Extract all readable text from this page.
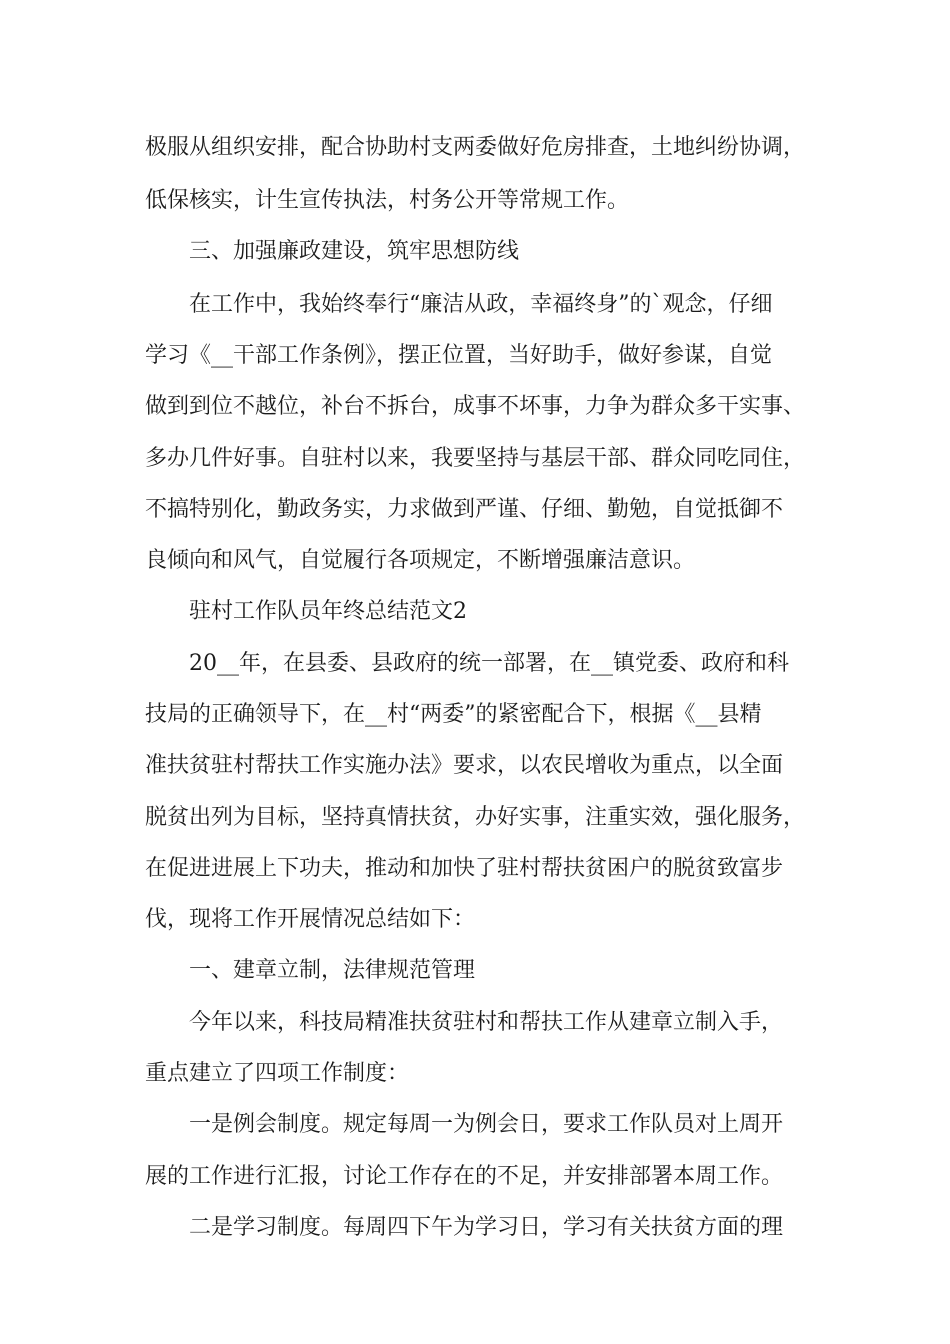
极服从组织安排，配合协助村支两委做好危房排查，土地纠纷协调，
低保核实，计生宣传执法，村务公开等常规工作。
　　三、加强廉政建设，筑牢思想防线
　　在工作中，我始终奉行“廉洁从政，幸福终身”的`观念，仔细
学习《__干部工作条例》，摆正位置，当好助手，做好参谋，自觉
做到到位不越位，补台不拆台，成事不坏事，力争为群众多干实事、
多办几件好事。自驻村以来，我要坚持与基层干部、群众同吃同住，
不搞特别化，勤政务实，力求做到严谨、仔细、勤勉，自觉抵御不
良倾向和风气，自觉履行各项规定，不断增强廉洁意识。
　　驻村工作队员年终总结范文2
　　20__年，在县委、县政府的统一部署，在__镇党委、政府和科
技局的正确领导下，在__村“两委”的紧密配合下，根据《__县精
准扶贫驻村帮扶工作实施办法》要求，以农民增收为重点，以全面
脱贫出列为目标，坚持真情扶贫，办好实事，注重实效，强化服务，
在促进进展上下功夫，推动和加快了驻村帮扶贫困户的脱贫致富步
伐，现将工作开展情况总结如下：
　　一、建章立制，法律规范管理
　　今年以来，科技局精准扶贫驻村和帮扶工作从建章立制入手，
重点建立了四项工作制度：
　　一是例会制度。规定每周一为例会日，要求工作队员对上周开
展的工作进行汇报，讨论工作存在的不足，并安排部署本周工作。
　　二是学习制度。每周四下午为学习日，学习有关扶贫方面的理
